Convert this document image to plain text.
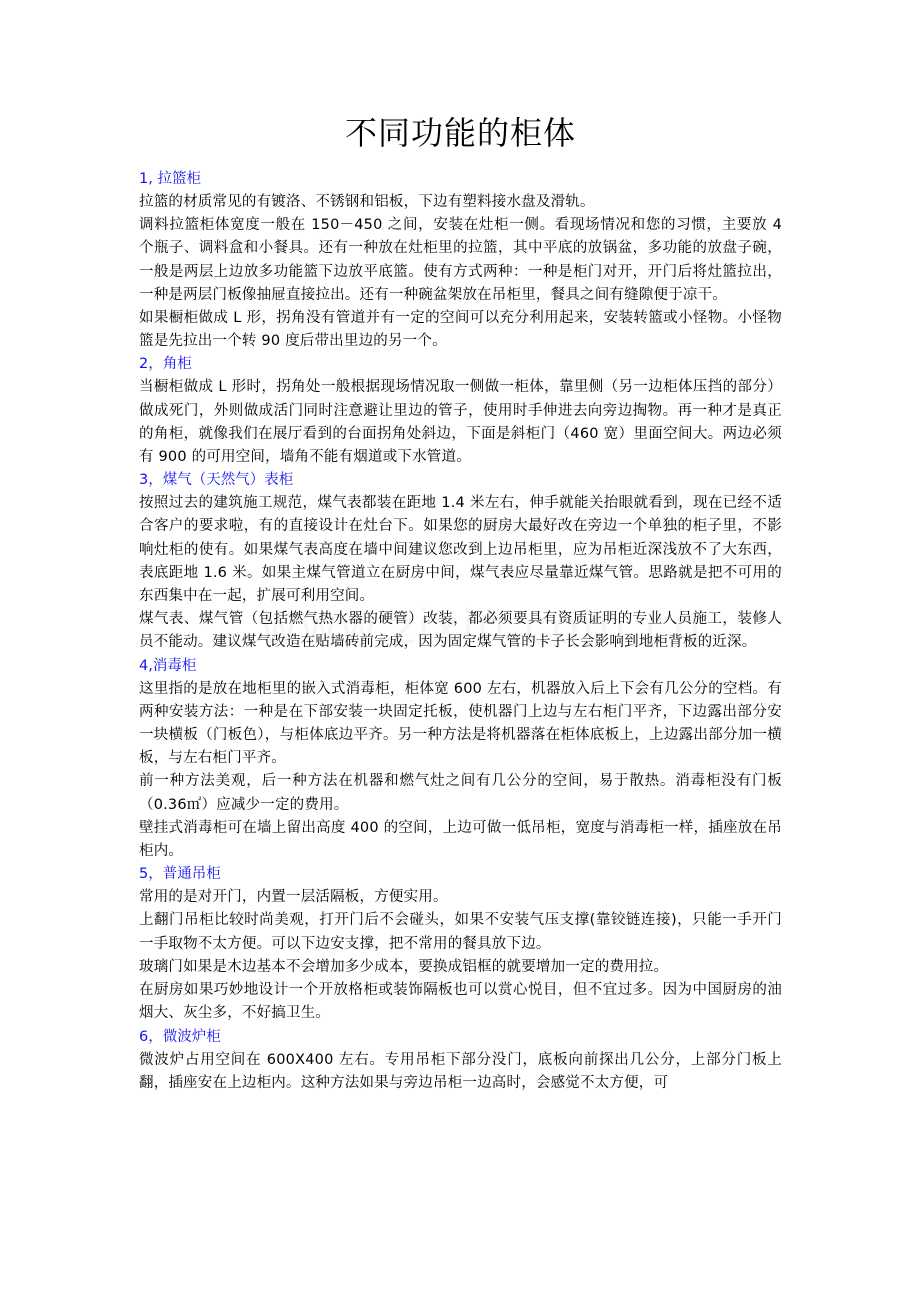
不同功能的柜体
1, 拉篮柜

拉篮的材质常见的有镀洛、不锈钢和铝板，下边有塑料接水盘及滑轨。

调料拉篮柜体宽度一般在 150－450 之间，安装在灶柜一侧。看现场情况和您的习惯，主要放 4 个瓶子、调料盒和小餐具。还有一种放在灶柜里的拉篮，其中平底的放锅盆，多功能的放盘子碗，一般是两层上边放多功能篮下边放平底篮。使有方式两种：一种是柜门对开，开门后将灶篮拉出，一种是两层门板像抽屉直接拉出。还有一种碗盆架放在吊柜里，餐具之间有缝隙便于凉干。

如果橱柜做成 L 形，拐角没有管道并有一定的空间可以充分利用起来，安装转篮或小怪物。小怪物篮是先拉出一个转 90 度后带出里边的另一个。

2，角柜

当橱柜做成 L 形时，拐角处一般根据现场情况取一侧做一柜体，靠里侧（另一边柜体压挡的部分）做成死门，外则做成活门同时注意避让里边的管子，使用时手伸进去向旁边掏物。再一种才是真正的角柜，就像我们在展厅看到的台面拐角处斜边，下面是斜柜门（460 宽）里面空间大。两边必须有 900 的可用空间，墙角不能有烟道或下水管道。

3，煤气（天然气）表柜

按照过去的建筑施工规范，煤气表都装在距地 1.4 米左右，伸手就能关抬眼就看到，现在已经不适合客户的要求啦，有的直接设计在灶台下。如果您的厨房大最好改在旁边一个单独的柜子里，不影响灶柜的使有。如果煤气表高度在墙中间建议您改到上边吊柜里，应为吊柜近深浅放不了大东西，表底距地 1.6 米。如果主煤气管道立在厨房中间，煤气表应尽量靠近煤气管。思路就是把不可用的东西集中在一起，扩展可利用空间。

煤气表、煤气管（包括燃气热水器的硬管）改装，都必须要具有资质证明的专业人员施工，装修人员不能动。建议煤气改造在贴墙砖前完成，因为固定煤气管的卡子长会影响到地柜背板的近深。

4,消毒柜

这里指的是放在地柜里的嵌入式消毒柜，柜体宽 600 左右，机器放入后上下会有几公分的空档。有两种安装方法：一种是在下部安装一块固定托板，使机器门上边与左右柜门平齐，下边露出部分安一块横板（门板色），与柜体底边平齐。另一种方法是将机器落在柜体底板上，上边露出部分加一横板，与左右柜门平齐。

前一种方法美观，后一种方法在机器和燃气灶之间有几公分的空间，易于散热。消毒柜没有门板（0.36㎡）应减少一定的费用。

壁挂式消毒柜可在墙上留出高度 400 的空间，上边可做一低吊柜，宽度与消毒柜一样，插座放在吊柜内。

5，普通吊柜

常用的是对开门，内置一层活隔板，方便实用。

上翻门吊柜比较时尚美观，打开门后不会碰头，如果不安装气压支撑(靠铰链连接)，只能一手开门一手取物不太方便。可以下边安支撑，把不常用的餐具放下边。

玻璃门如果是木边基本不会增加多少成本，要换成铝框的就要增加一定的费用拉。

在厨房如果巧妙地设计一个开放格柜或装饰隔板也可以赏心悦目，但不宜过多。因为中国厨房的油烟大、灰尘多，不好搞卫生。

6，微波炉柜

微波炉占用空间在 600X400 左右。专用吊柜下部分没门，底板向前探出几公分，上部分门板上翻，插座安在上边柜内。这种方法如果与旁边吊柜一边高时，会感觉不太方便，可
